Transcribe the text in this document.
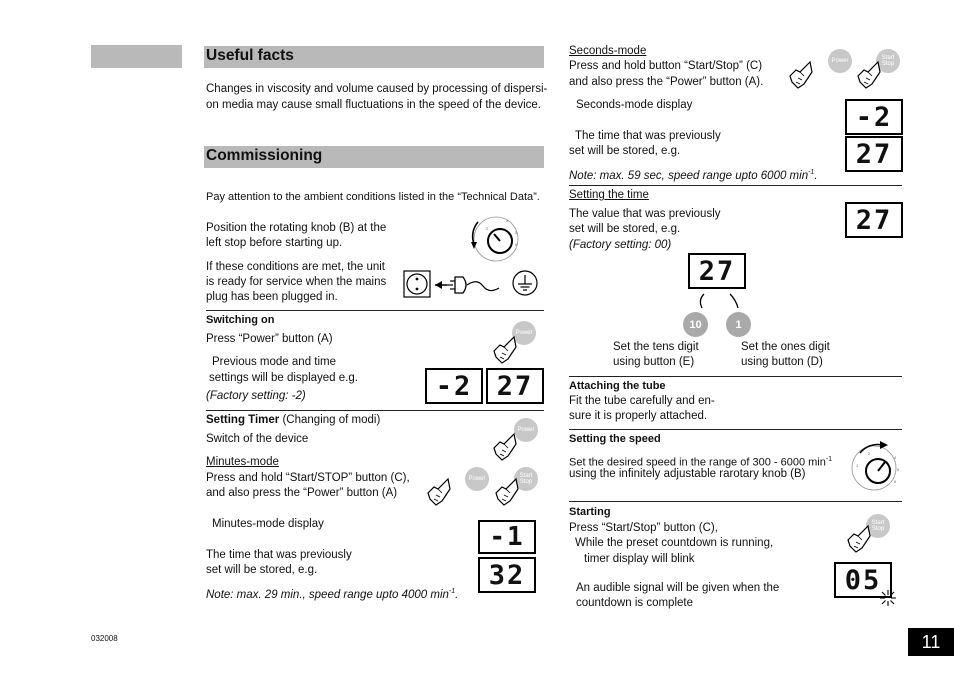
Useful facts
Changes in viscosity and volume caused by processing of dispersi-
on media may cause small fluctuations in the speed of the device.
Commissioning
Pay attention to the ambient conditions listed in the “Technical Data”.
Position the rotating knob (B) at the
left stop before starting up.
2
4
5
6
If these conditions are met, the unit
is ready for service when the mains
plug has been plugged in.
Switching on
Press “Power” button (A)	Power
Previous mode and time
settings will be displayed e.g.
(Factory setting: -2)	-2 27
Setting Timer (Changing of modi)
Switch of the device
Power
Minutes-mode
Press and hold “Start/STOP” button (C),
and also press the “Power” button (A)
Power	Start
Stop
Minutes-mode display	-1
The time that was previously
set will be stored, e.g.	32
Note: max. 29 min., speed range upto 4000 $\min^{-1}$.
032008
Seconds-mode
Press and hold button “Start/Stop” (C)
and also press the “Power” button (A).
Power	Start
Stop
Seconds-mode display	-2
The time that was previously
set will be stored, e.g.	27
Note: max. 59 sec, speed range upto 6000 $\min^{-1}$.
Setting the time
The value that was previously
set will be stored, e.g.
(Factory setting: 00)
27
27
10	1
Set the tens digit
using button (E)
Set the ones digit
using button (D)
Attaching the tube
Fit the tube carefully and en-
sure it is properly attached.
Setting the speed
Set the desired speed in the range of 300 - 6000 $\min^{-1}$
using the infinitely adjustable rarotary knob (B)
1
2
4
5
6
Starting
Press “Start/Stop” button (C),
While the preset countdown is running,
timer display will blink
An audible signal will be given when the
countdown is complete
Start
Stop
05
11
